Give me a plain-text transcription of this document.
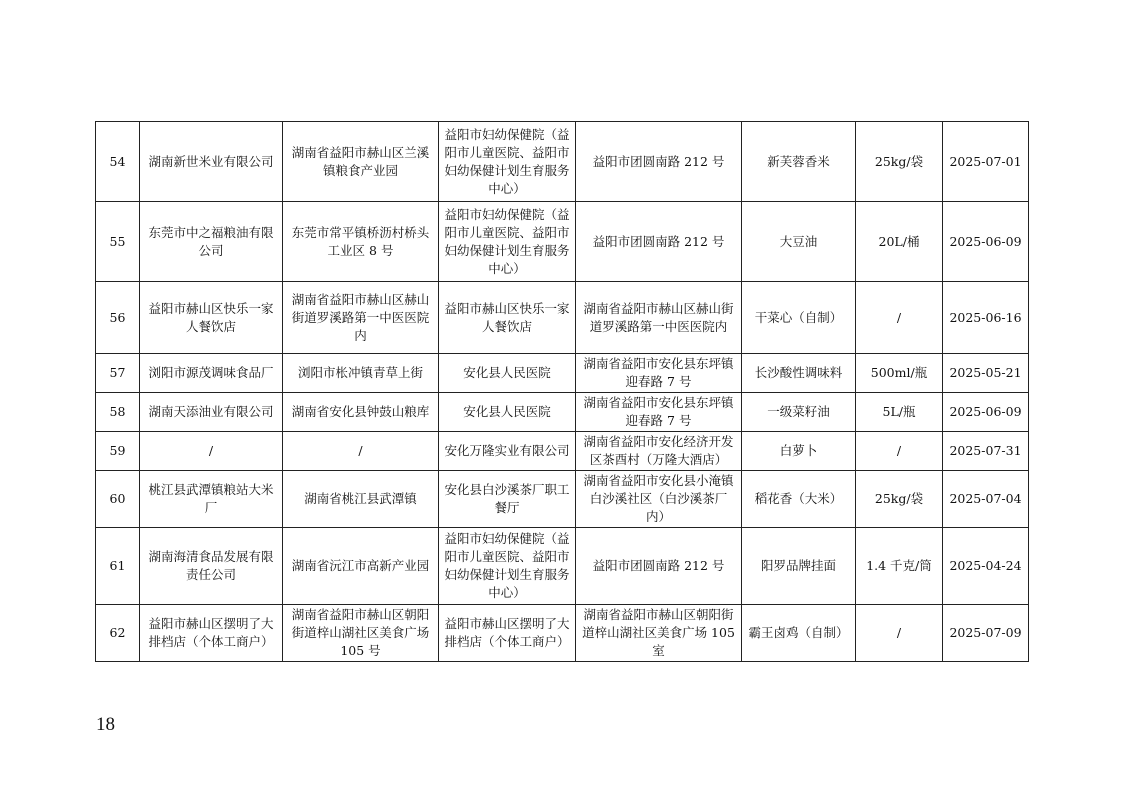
54	湖南新世米业有限公司	湖南省益阳市赫山区兰溪镇粮食产业园	益阳市妇幼保健院（益阳市儿童医院、益阳市妇幼保健计划生育服务中心）	益阳市团圆南路 212 号	新芙蓉香米	25kg/袋	2025-07-01
55	东莞市中之福粮油有限公司	东莞市常平镇桥沥村桥头工业区 8 号	益阳市妇幼保健院（益阳市儿童医院、益阳市妇幼保健计划生育服务中心）	益阳市团圆南路 212 号	大豆油	20L/桶	2025-06-09
56	益阳市赫山区快乐一家人餐饮店	湖南省益阳市赫山区赫山街道罗溪路第一中医医院内	益阳市赫山区快乐一家人餐饮店	湖南省益阳市赫山区赫山街道罗溪路第一中医医院内	干菜心（自制）	/	2025-06-16
57	浏阳市源茂调味食品厂	浏阳市枨冲镇青草上街	安化县人民医院	湖南省益阳市安化县东坪镇迎春路 7 号	长沙酸性调味料	500ml/瓶	2025-05-21
58	湖南天添油业有限公司	湖南省安化县钟鼓山粮库	安化县人民医院	湖南省益阳市安化县东坪镇迎春路 7 号	一级菜籽油	5L/瓶	2025-06-09
59	/	/	安化万隆实业有限公司	湖南省益阳市安化经济开发区茶酉村（万隆大酒店）	白萝卜	/	2025-07-31
60	桃江县武潭镇粮站大米厂	湖南省桃江县武潭镇	安化县白沙溪茶厂职工餐厅	湖南省益阳市安化县小淹镇白沙溪社区（白沙溪茶厂内）	稻花香（大米）	25kg/袋	2025-07-04
61	湖南海清食品发展有限责任公司	湖南省沅江市高新产业园	益阳市妇幼保健院（益阳市儿童医院、益阳市妇幼保健计划生育服务中心）	益阳市团圆南路 212 号	阳罗品牌挂面	1.4 千克/筒	2025-04-24
62	益阳市赫山区摆明了大排档店（个体工商户）	湖南省益阳市赫山区朝阳街道梓山湖社区美食广场 105 号	益阳市赫山区摆明了大排档店（个体工商户）	湖南省益阳市赫山区朝阳街道梓山湖社区美食广场 105 室	霸王卤鸡（自制）	/	2025-07-09
18
